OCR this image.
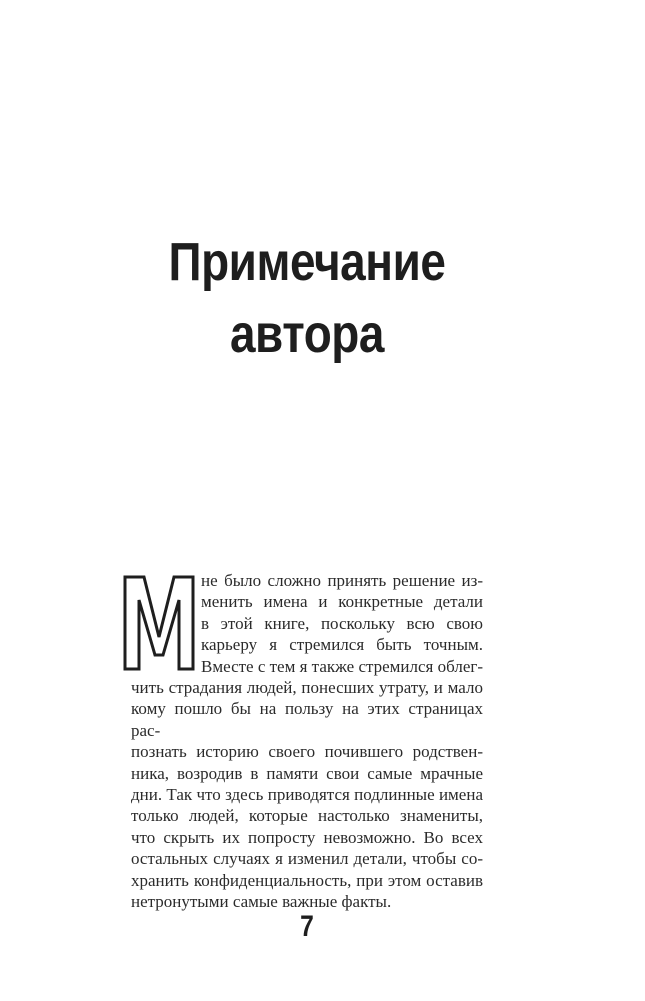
Примечание
автора
не было сложно принять решение из-
менить имена и конкретные детали
в этой книге, поскольку всю свою
карьеру я стремился быть точным.
Вместе с тем я также стремился облег-
чить страдания людей, понесших утрату, и мало
кому пошло бы на пользу на этих страницах рас-
познать историю своего почившего родствен-
ника, возродив в памяти свои самые мрачные
дни. Так что здесь приводятся подлинные имена
только людей, которые настолько знамениты,
что скрыть их попросту невозможно. Во всех
остальных случаях я изменил детали, чтобы со-
хранить конфиденциальность, при этом оставив
нетронутыми самые важные факты.
7
